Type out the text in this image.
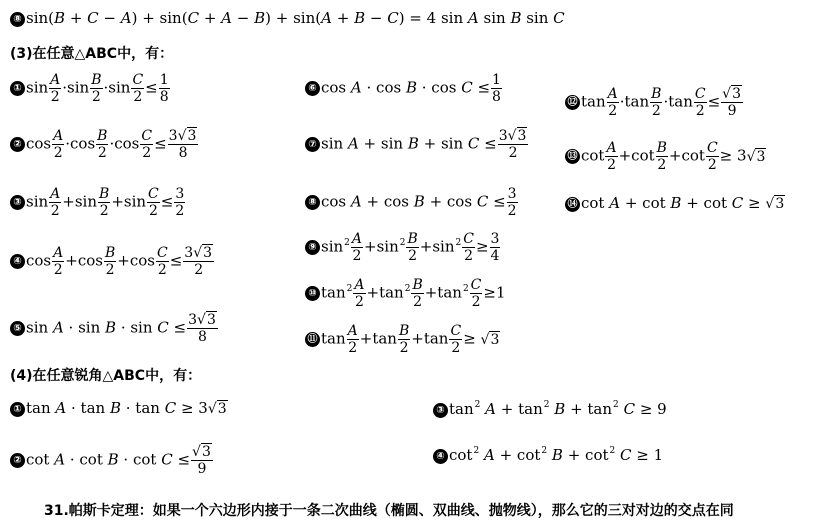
⑧ sin(B + C − A) + sin(C + A − B) + sin(A + B − C) = 4 sin A sin B sin C
(3)在任意△ABC中，有：
① $\sin \frac{A}{2} \cdot\sin \frac{B}{2} \cdot\sin \frac{C}{2} \le \frac{1}{8}$
② $\cos \frac{A}{2} \cdot\cos \frac{B}{2} \cdot\cos \frac{C}{2} \le \frac{3√3}{8}$
③ $\sin \frac{A}{2} +\sin \frac{B}{2} +\sin \frac{C}{2} \le \frac{3}{2}$
④ $\cos \frac{A}{2} +\cos \frac{B}{2} +\cos \frac{C}{2} \le \frac{3√3}{2}$
⑤ $\sin A \cdot \sin B \cdot \sin C \le \frac{3√3}{8}$
⑥ $\cos A \cdot \cos B \cdot \cos C \le \frac{1}{8}$
⑦ $\sin A + \sin B + \sin C \le \frac{3√3}{2}$
⑧ $\cos A + \cos B + \cos C \le \frac{3}{2}$
⑨ $\sin^2 \frac{A}{2} +\sin^2 \frac{B}{2} +\sin^2 \frac{C}{2} \ge \frac{3}{4}$
⑩ $\tan^2 \frac{A}{2} +\tan^2 \frac{B}{2} +\tan^2 \frac{C}{2} \ge 1$
⑪ $\tan \frac{A}{2} +\tan \frac{B}{2} +\tan \frac{C}{2} \ge √3$
⑫ $\tan \frac{A}{2} \cdot\tan \frac{B}{2} \cdot\tan \frac{C}{2} \le \frac{√3}{9}$
⑬ $\cot \frac{A}{2} +\cot \frac{B}{2} +\cot \frac{C}{2} \ge 3√3$
⑭ cot A + cot B + cot C ≥ √3
(4)在任意锐角△ABC中，有：
① tan A · tan B · tan C ≥ 3√3
② $\cot A \cdot \cot B \cdot \cot C \le \frac{√3}{9}$
③ $\tan^2 A + \tan^2 B + \tan^2 C \ge 9$
④ $\cot^2 A + \cot^2 B + \cot^2 C \ge 1$
31.帕斯卡定理：如果一个六边形内接于一条二次曲线（椭圆、双曲线、抛物线），那么它的三对对边的交点在同
